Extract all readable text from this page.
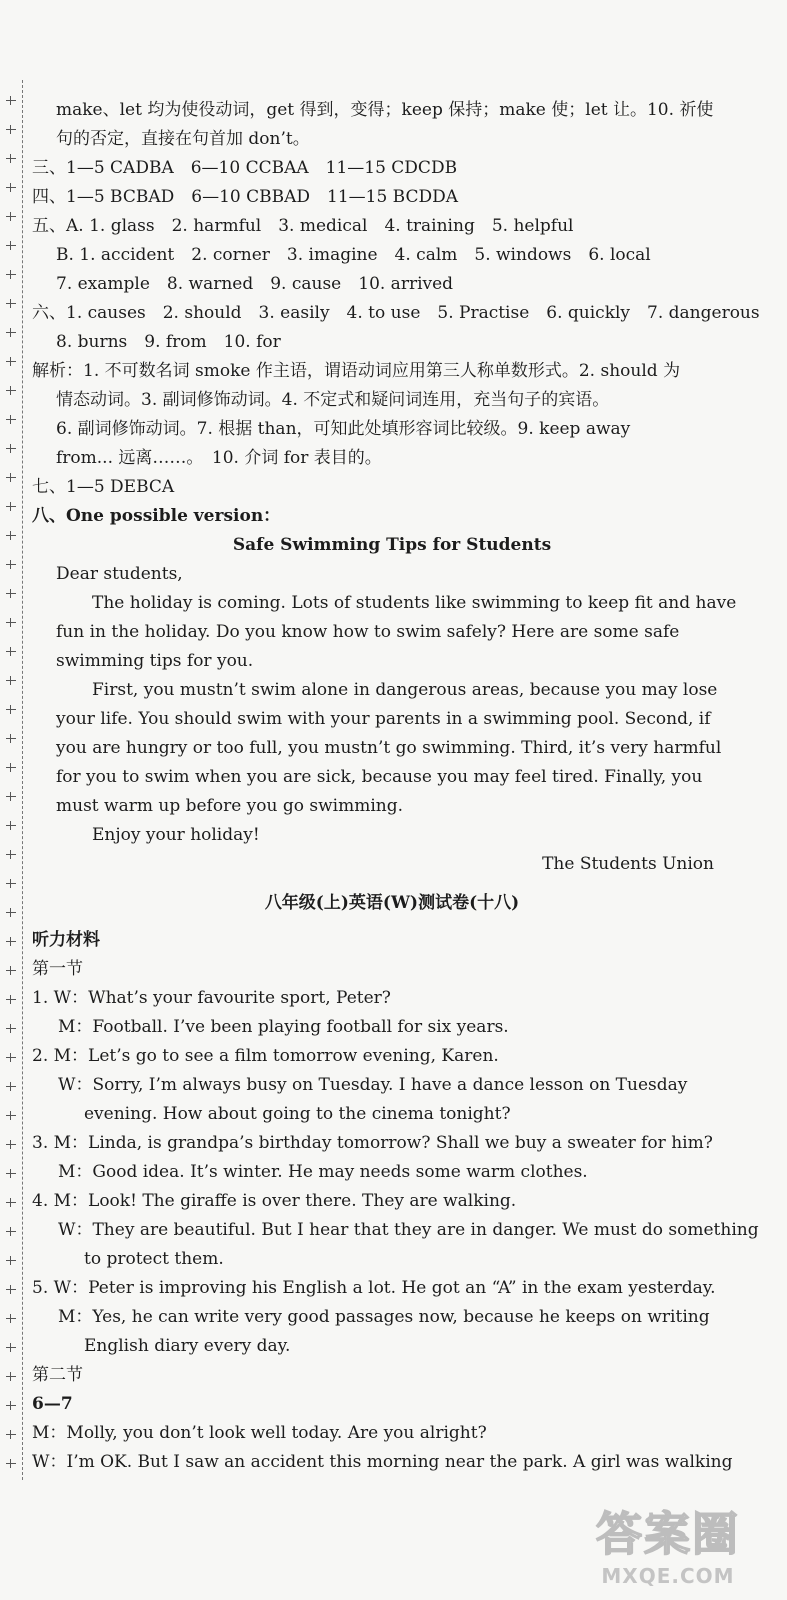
make、let 均为使役动词，get 得到，变得；keep 保持；make 使；let 让。10. 祈使
句的否定，直接在句首加 don’t。
三、1—5 CADBA　6—10 CCBAA　11—15 CDCDB
四、1—5 BCBAD　6—10 CBBAD　11—15 BCDDA
五、A. 1. glass　2. harmful　3. medical　4. training　5. helpful
B. 1. accident　2. corner　3. imagine　4. calm　5. windows　6. local
7. example　8. warned　9. cause　10. arrived
六、1. causes　2. should　3. easily　4. to use　5. Practise　6. quickly　7. dangerous
8. burns　9. from　10. for
解析：1. 不可数名词 smoke 作主语，谓语动词应用第三人称单数形式。2. should 为
情态动词。3. 副词修饰动词。4. 不定式和疑问词连用，充当句子的宾语。
6. 副词修饰动词。7. 根据 than，可知此处填形容词比较级。9. keep away
from... 远离……。　10. 介词 for 表目的。
七、1—5 DEBCA
八、One possible version：
Safe Swimming Tips for Students
Dear students,
The holiday is coming. Lots of students like swimming to keep fit and have
fun in the holiday. Do you know how to swim safely? Here are some safe
swimming tips for you.
First, you mustn’t swim alone in dangerous areas, because you may lose
your life. You should swim with your parents in a swimming pool. Second, if
you are hungry or too full, you mustn’t go swimming. Third, it’s very harmful
for you to swim when you are sick, because you may feel tired. Finally, you
must warm up before you go swimming.
Enjoy your holiday!
The Students Union
八年级(上)英语(W)测试卷(十八)
听力材料
第一节
1. W：What’s your favourite sport, Peter?
M：Football. I’ve been playing football for six years.
2. M：Let’s go to see a film tomorrow evening, Karen.
W：Sorry, I’m always busy on Tuesday. I have a dance lesson on Tuesday
evening. How about going to the cinema tonight?
3. M：Linda, is grandpa’s birthday tomorrow? Shall we buy a sweater for him?
M：Good idea. It’s winter. He may needs some warm clothes.
4. M：Look! The giraffe is over there. They are walking.
W：They are beautiful. But I hear that they are in danger. We must do something
to protect them.
5. W：Peter is improving his English a lot. He got an “A” in the exam yesterday.
M：Yes, he can write very good passages now, because he keeps on writing
English diary every day.
第二节
6—7
M：Molly, you don’t look well today. Are you alright?
W：I’m OK. But I saw an accident this morning near the park. A girl was walking
答案圈
MXQE.COM
